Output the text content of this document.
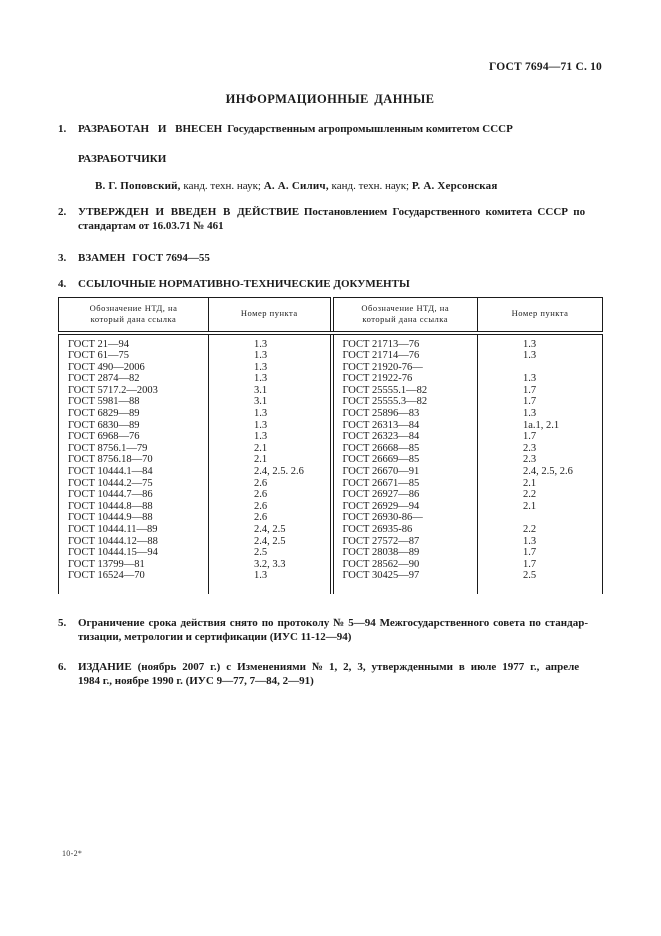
ГОСТ 7694—71 С. 10
ИНФОРМАЦИОННЫЕ ДАННЫЕ
1. РАЗРАБОТАН И ВНЕСЕН Государственным агропромышленным комитетом СССР
РАЗРАБОТЧИКИ
В. Г. Поповский, канд. техн. наук; А. А. Силич, канд. техн. наук; Р. А. Херсонская
2. УТВЕРЖДЕН И ВВЕДЕН В ДЕЙСТВИЕ Постановлением Государственного комитета СССР по
стандартам от 16.03.71 № 461
3. ВЗАМЕН ГОСТ 7694—55
4. ССЫЛОЧНЫЕ НОРМАТИВНО-ТЕХНИЧЕСКИЕ ДОКУМЕНТЫ
Обозначение НТД, на который дана ссылка	Номер пункта	Обозначение НТД, на который дана ссылка	Номер пункта
ГОСТ 21—94	1.3	ГОСТ 21713—76	1.3
ГОСТ 61—75	1.3	ГОСТ 21714—76	1.3
ГОСТ 490—2006	1.3	ГОСТ 21920-76—	
ГОСТ 2874—82	1.3	ГОСТ 21922-76	1.3
ГОСТ 5717.2—2003	3.1	ГОСТ 25555.1—82	1.7
ГОСТ 5981—88	3.1	ГОСТ 25555.3—82	1.7
ГОСТ 6829—89	1.3	ГОСТ 25896—83	1.3
ГОСТ 6830—89	1.3	ГОСТ 26313—84	1а.1, 2.1
ГОСТ 6968—76	1.3	ГОСТ 26323—84	1.7
ГОСТ 8756.1—79	2.1	ГОСТ 26668—85	2.3
ГОСТ 8756.18—70	2.1	ГОСТ 26669—85	2.3
ГОСТ 10444.1—84	2.4, 2.5. 2.6	ГОСТ 26670—91	2.4, 2.5, 2.6
ГОСТ 10444.2—75	2.6	ГОСТ 26671—85	2.1
ГОСТ 10444.7—86	2.6	ГОСТ 26927—86	2.2
ГОСТ 10444.8—88	2.6	ГОСТ 26929—94	2.1
ГОСТ 10444.9—88	2.6	ГОСТ 26930-86—	
ГОСТ 10444.11—89	2.4, 2.5	ГОСТ 26935-86	2.2
ГОСТ 10444.12—88	2.4, 2.5	ГОСТ 27572—87	1.3
ГОСТ 10444.15—94	2.5	ГОСТ 28038—89	1.7
ГОСТ 13799—81	3.2, 3.3	ГОСТ 28562—90	1.7
ГОСТ 16524—70	1.3	ГОСТ 30425—97	2.5

5. Ограничение срока действия снято по протоколу № 5—94 Межгосударственного совета по стандар-
тизации, метрологии и сертификации (ИУС 11-12—94)
6. ИЗДАНИЕ (ноябрь 2007 г.) с Изменениями № 1, 2, 3, утвержденными в июле 1977 г., апреле
1984 г., ноябре 1990 г. (ИУС 9—77, 7—84, 2—91)
10-2*
